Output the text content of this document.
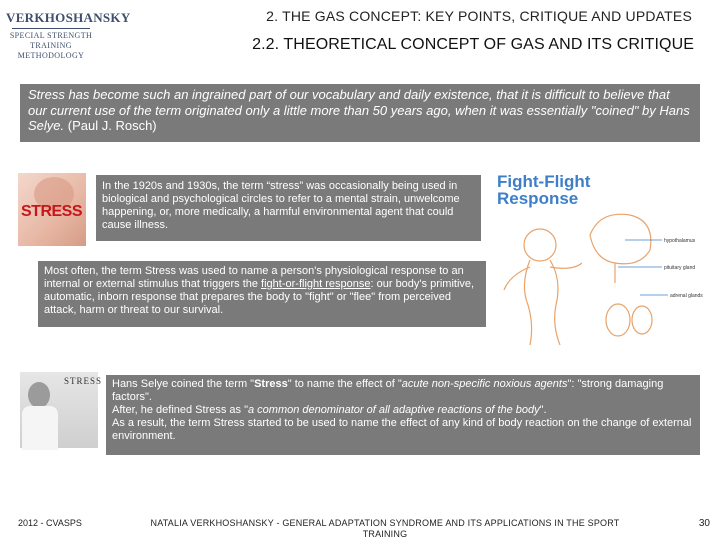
VERKHOSHANSKY
SPECIAL STRENGTH TRAINING
METHODOLOGY
2. THE GAS CONCEPT: KEY POINTS, CRITIQUE AND UPDATES
2.2. THEORETICAL CONCEPT OF GAS AND ITS CRITIQUE
Stress has become such an ingrained part of our vocabulary and daily existence, that it is difficult to believe that our current use of the term originated only a little more than 50 years ago, when it was essentially "coined" by Hans Selye. (Paul J. Rosch)
STRESS
In the 1920s and 1930s, the term “stress” was occasionally being used in biological and psychological circles to refer to a mental strain, unwelcome happening, or, more medically, a harmful environmental agent that could cause illness.
Fight-Flight
Response
hypothalamus
pituitary gland
adrenal glands
Most often, the term Stress was used to name a person's physiological response to an internal or external stimulus that triggers the fight-or-flight response: our body's primitive, automatic, inborn response that prepares the body to "fight" or "flee" from perceived attack, harm or threat to our survival.
STRESS Hans Selye coined the term "Stress" to name the effect of "acute non-specific noxious agents": "strong damaging factors".
After, he defined Stress as "a common denominator of all adaptive reactions of the body".
As a result, the term Stress started to be used to name the effect of any kind of body reaction on the change of external environment.
2012 - CVASPS	NATALIA VERKHOSHANSKY - GENERAL ADAPTATION SYNDROME AND ITS APPLICATIONS IN THE SPORT TRAINING
30
